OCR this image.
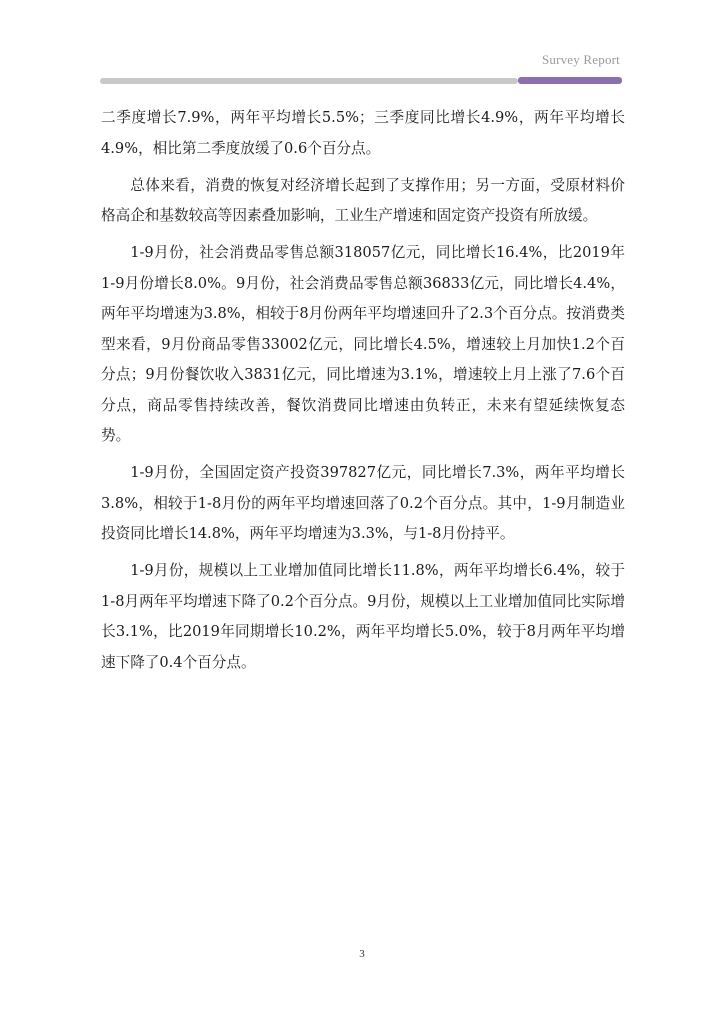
Survey Report

二季度增长7.9%，两年平均增长5.5%；三季度同比增长4.9%，两年平均增长4.9%，相比第二季度放缓了0.6个百分点。

总体来看，消费的恢复对经济增长起到了支撑作用；另一方面，受原材料价格高企和基数较高等因素叠加影响，工业生产增速和固定资产投资有所放缓。

1-9月份，社会消费品零售总额318057亿元，同比增长16.4%，比2019年1-9月份增长8.0%。9月份，社会消费品零售总额36833亿元，同比增长4.4%，两年平均增速为3.8%，相较于8月份两年平均增速回升了2.3个百分点。按消费类型来看，9月份商品零售33002亿元，同比增长4.5%，增速较上月加快1.2个百分点；9月份餐饮收入3831亿元，同比增速为3.1%，增速较上月上涨了7.6个百分点，商品零售持续改善，餐饮消费同比增速由负转正，未来有望延续恢复态势。

1-9月份，全国固定资产投资397827亿元，同比增长7.3%，两年平均增长3.8%，相较于1-8月份的两年平均增速回落了0.2个百分点。其中，1-9月制造业投资同比增长14.8%，两年平均增速为3.3%，与1-8月份持平。

1-9月份，规模以上工业增加值同比增长11.8%，两年平均增长6.4%，较于1-8月两年平均增速下降了0.2个百分点。9月份，规模以上工业增加值同比实际增长3.1%，比2019年同期增长10.2%，两年平均增长5.0%，较于8月两年平均增速下降了0.4个百分点。

3
